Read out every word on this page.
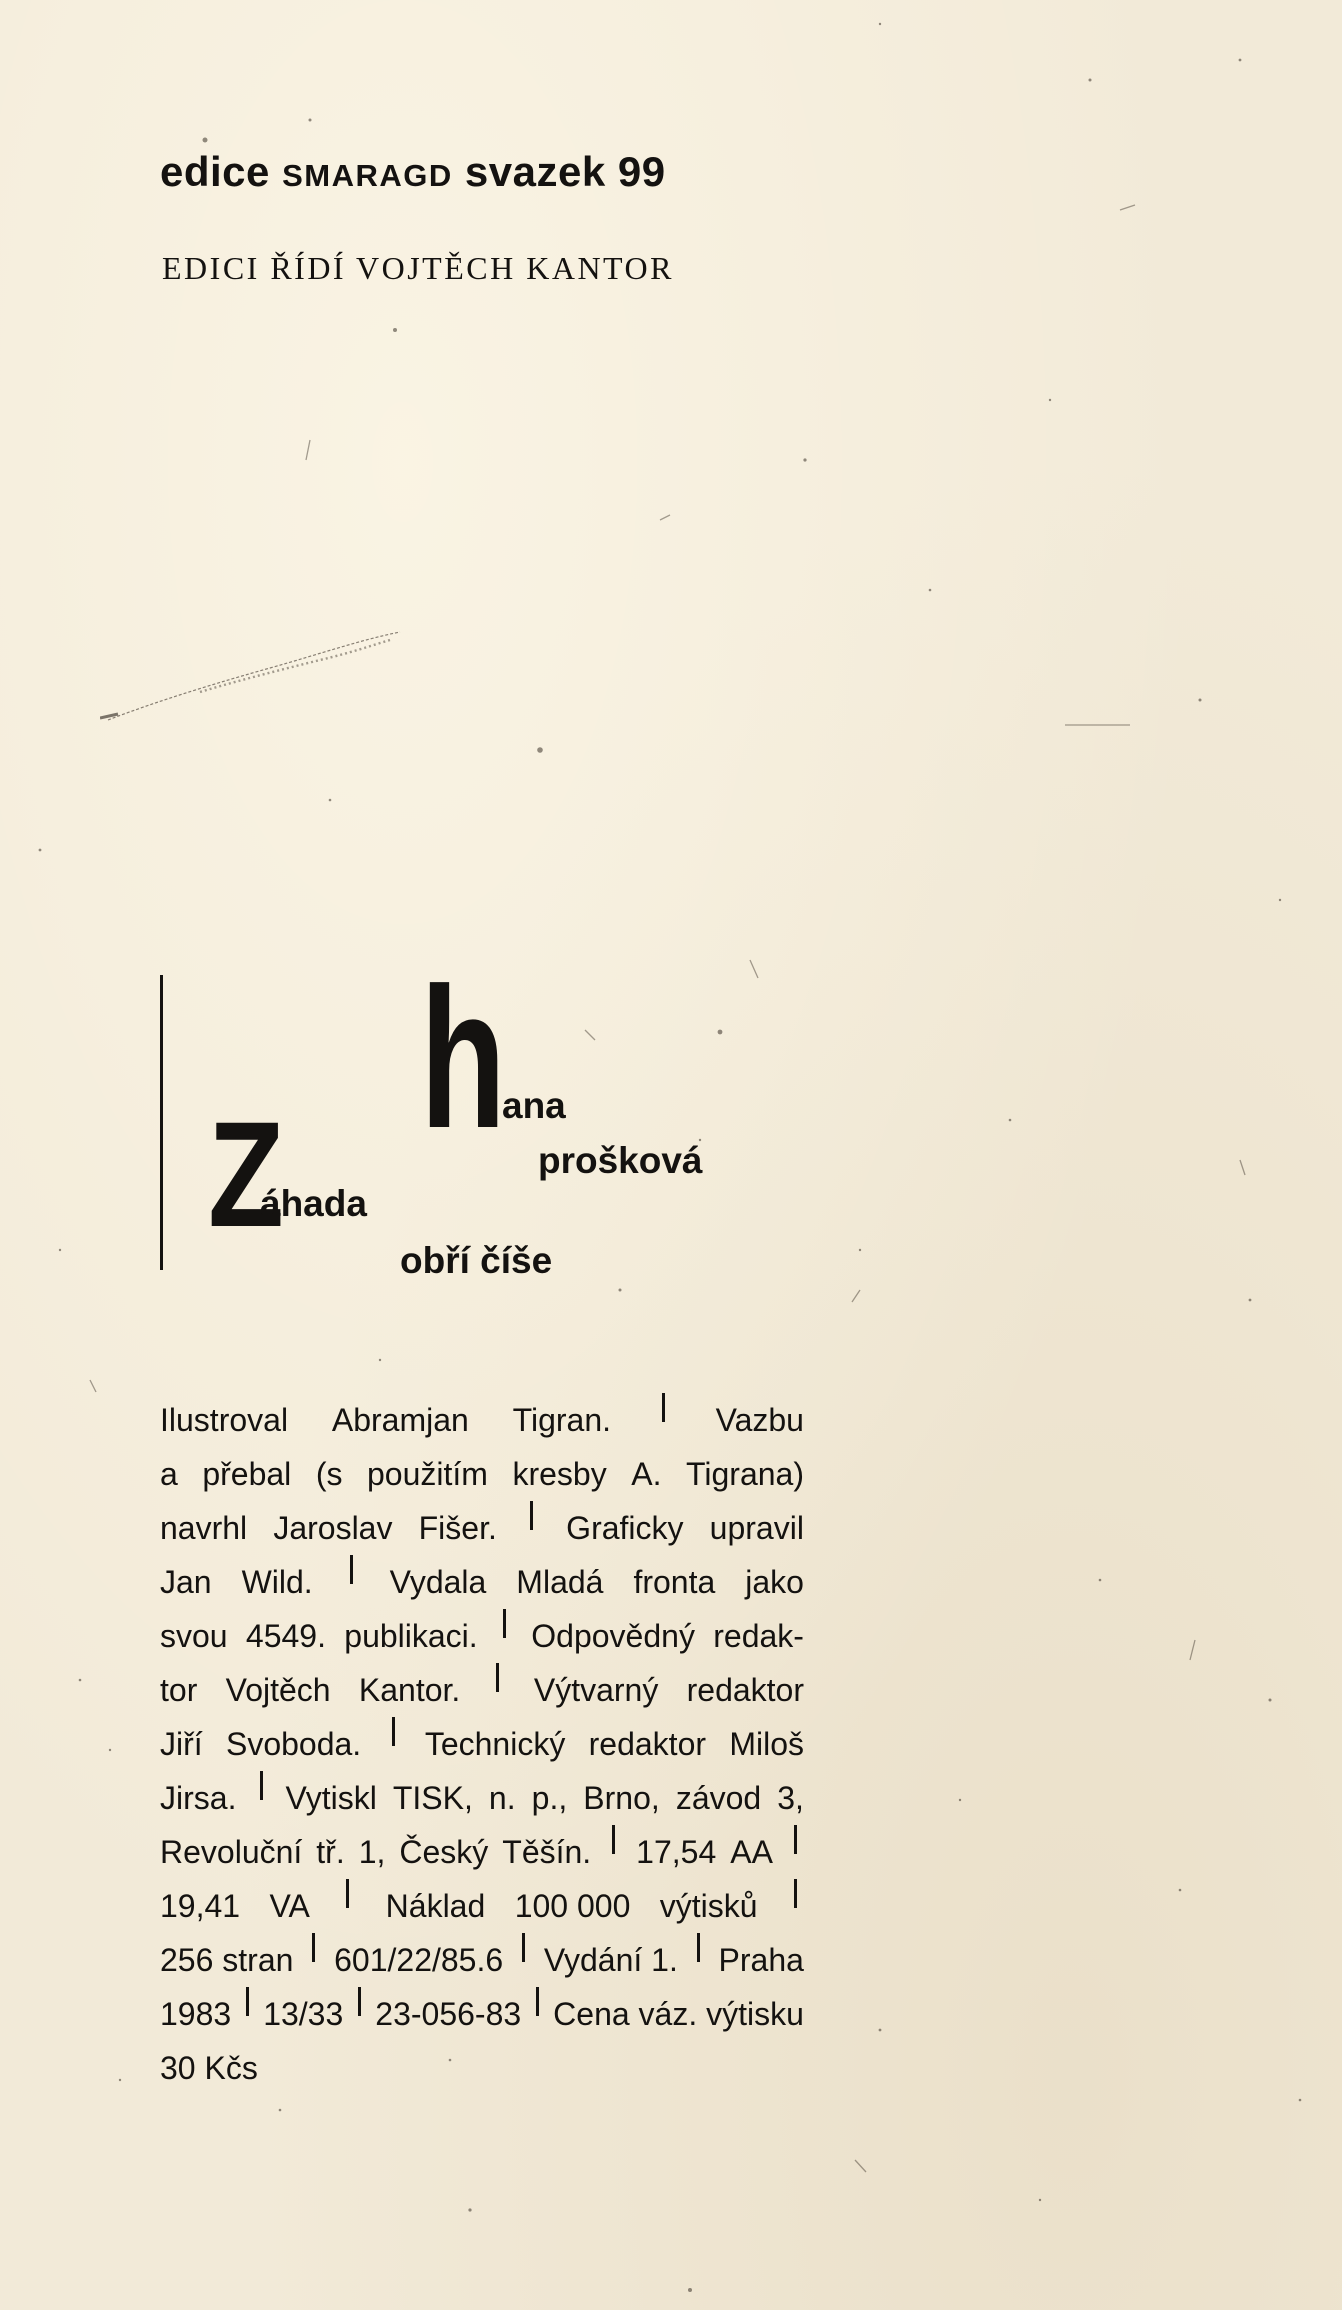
edice SMARAGD svazek 99
EDICI ŘÍDÍ VOJTĚCH KANTOR
h
ana
prošková
Z
áhada
obří číše
Ilustroval Abramjan Tigran.	Vazbu
a přebal (s použitím kresby A. Tigrana)
navrhl Jaroslav Fišer. Graficky upravil
Jan Wild. Vydala Mladá fronta jako
svou 4549. publikaci. Odpovědný redak-
tor Vojtěch Kantor. Výtvarný redaktor
Jiří Svoboda. Technický redaktor Miloš
Jirsa. Vytiskl TISK, n. p., Brno, závod 3,
Revoluční tř. 1, Český Těšín. 17,54 AA
19,41 VA Náklad 100 000 výtisků
256 stran 601/22/85.6 Vydání 1. Praha
1983 13/33 23-056-83 Cena váz. výtisku
30 Kčs
